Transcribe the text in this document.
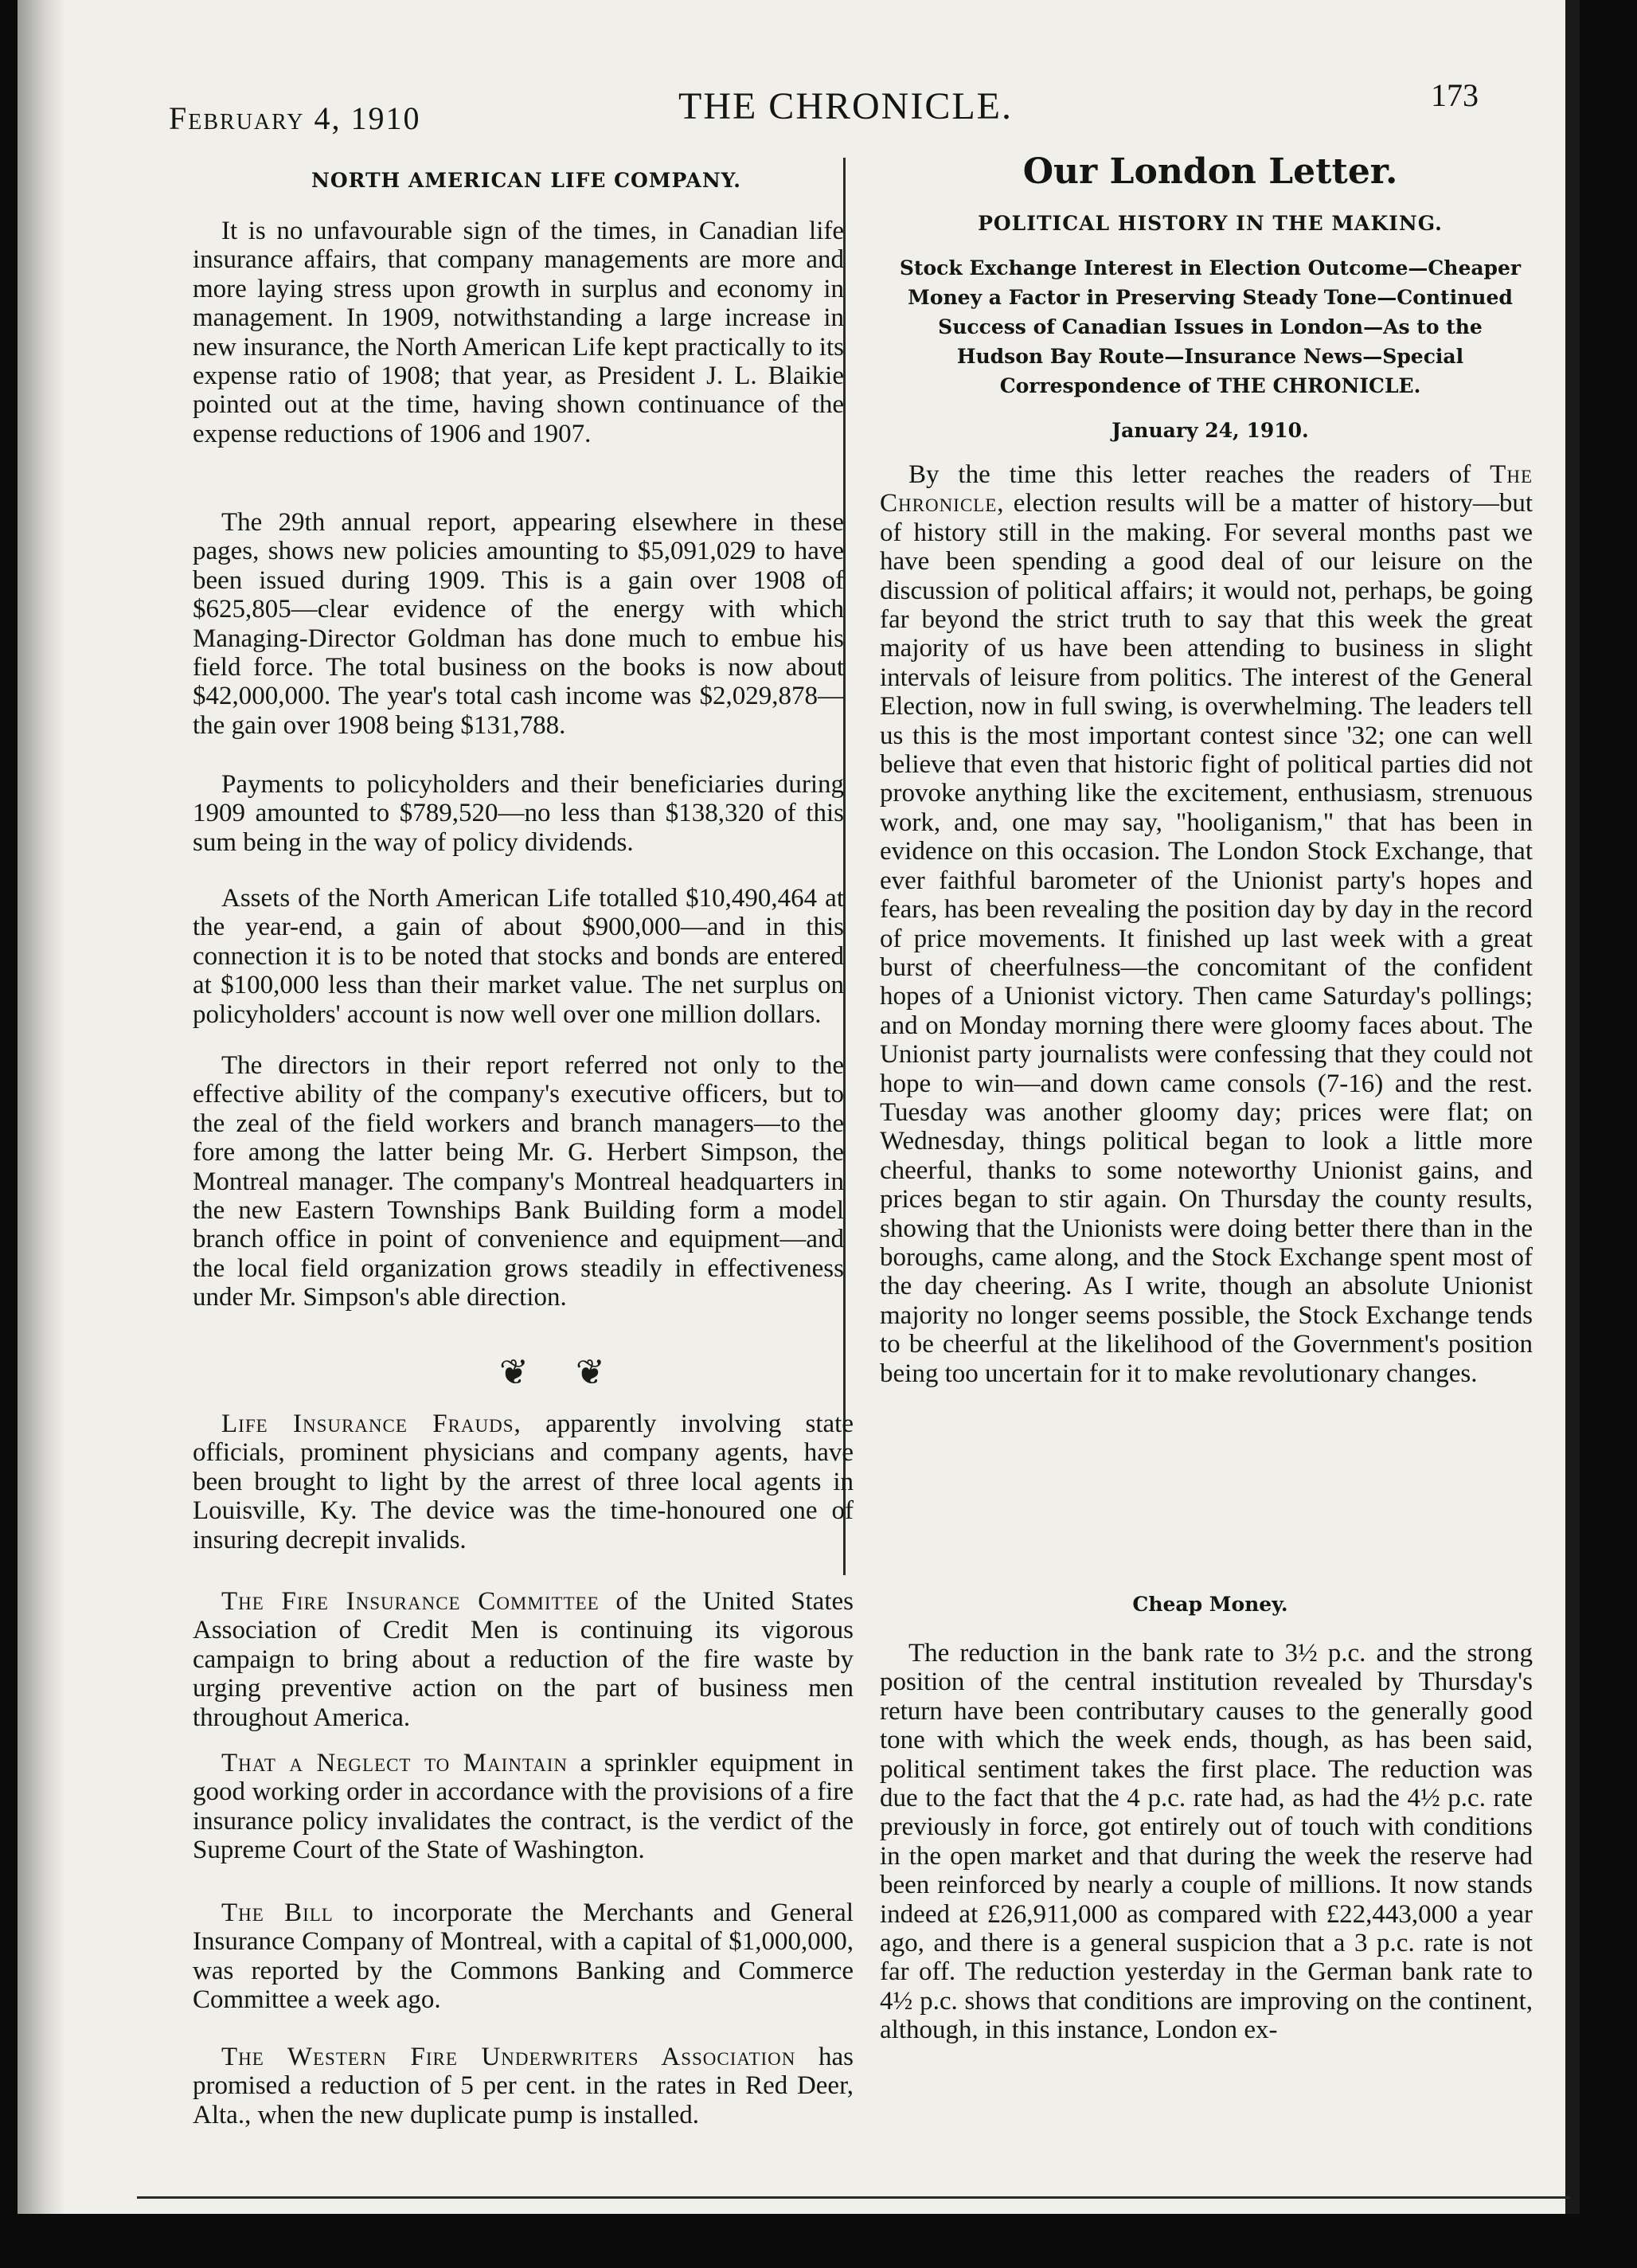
February 4, 1910	THE CHRONICLE.	173
NORTH AMERICAN LIFE COMPANY.

It is no unfavourable sign of the times, in Canadian life insurance affairs, that company managements are more and more laying stress upon growth in surplus and economy in management. In 1909, notwithstanding a large increase in new insurance, the North American Life kept practically to its expense ratio of 1908; that year, as President J. L. Blaikie pointed out at the time, having shown continuance of the expense reductions of 1906 and 1907.

The 29th annual report, appearing elsewhere in these pages, shows new policies amounting to $5,091,029 to have been issued during 1909. This is a gain over 1908 of $625,805—clear evidence of the energy with which Managing-Director Goldman has done much to embue his field force. The total business on the books is now about $42,000,000. The year's total cash income was $2,029,878—the gain over 1908 being $131,788.

Payments to policyholders and their beneficiaries during 1909 amounted to $789,520—no less than $138,320 of this sum being in the way of policy dividends.

Assets of the North American Life totalled $10,490,464 at the year-end, a gain of about $900,000—and in this connection it is to be noted that stocks and bonds are entered at $100,000 less than their market value. The net surplus on policyholders' account is now well over one million dollars.

The directors in their report referred not only to the effective ability of the company's executive officers, but to the zeal of the field workers and branch managers—to the fore among the latter being Mr. G. Herbert Simpson, the Montreal manager. The company's Montreal headquarters in the new Eastern Townships Bank Building form a model branch office in point of convenience and equipment—and the local field organization grows steadily in effectiveness under Mr. Simpson's able direction.

❦ ❦

Life Insurance Frauds, apparently involving state officials, prominent physicians and company agents, have been brought to light by the arrest of three local agents in Louisville, Ky. The device was the time-honoured one of insuring decrepit invalids.

The Fire Insurance Committee of the United States Association of Credit Men is continuing its vigorous campaign to bring about a reduction of the fire waste by urging preventive action on the part of business men throughout America.

That a Neglect to Maintain a sprinkler equipment in good working order in accordance with the provisions of a fire insurance policy invalidates the contract, is the verdict of the Supreme Court of the State of Washington.

The Bill to incorporate the Merchants and General Insurance Company of Montreal, with a capital of $1,000,000, was reported by the Commons Banking and Commerce Committee a week ago.

The Western Fire Underwriters Association has promised a reduction of 5 per cent. in the rates in Red Deer, Alta., when the new duplicate pump is installed.

Our London Letter.
POLITICAL HISTORY IN THE MAKING.

Stock Exchange Interest in Election Outcome—Cheaper Money a Factor in Preserving Steady Tone—Continued Success of Canadian Issues in London—As to the Hudson Bay Route—Insurance News—Special Correspondence of THE CHRONICLE.

January 24, 1910.

By the time this letter reaches the readers of The Chronicle, election results will be a matter of history—but of history still in the making. For several months past we have been spending a good deal of our leisure on the discussion of political affairs; it would not, perhaps, be going far beyond the strict truth to say that this week the great majority of us have been attending to business in slight intervals of leisure from politics. The interest of the General Election, now in full swing, is overwhelming. The leaders tell us this is the most important contest since '32; one can well believe that even that historic fight of political parties did not provoke anything like the excitement, enthusiasm, strenuous work, and, one may say, "hooliganism," that has been in evidence on this occasion. The London Stock Exchange, that ever faithful barometer of the Unionist party's hopes and fears, has been revealing the position day by day in the record of price movements. It finished up last week with a great burst of cheerfulness—the concomitant of the confident hopes of a Unionist victory. Then came Saturday's pollings; and on Monday morning there were gloomy faces about. The Unionist party journalists were confessing that they could not hope to win—and down came consols (7-16) and the rest. Tuesday was another gloomy day; prices were flat; on Wednesday, things political began to look a little more cheerful, thanks to some noteworthy Unionist gains, and prices began to stir again. On Thursday the county results, showing that the Unionists were doing better there than in the boroughs, came along, and the Stock Exchange spent most of the day cheering. As I write, though an absolute Unionist majority no longer seems possible, the Stock Exchange tends to be cheerful at the likelihood of the Government's position being too uncertain for it to make revolutionary changes.

Cheap Money.

The reduction in the bank rate to 3½ p.c. and the strong position of the central institution revealed by Thursday's return have been contributary causes to the generally good tone with which the week ends, though, as has been said, political sentiment takes the first place. The reduction was due to the fact that the 4 p.c. rate had, as had the 4½ p.c. rate previously in force, got entirely out of touch with conditions in the open market and that during the week the reserve had been reinforced by nearly a couple of millions. It now stands indeed at £26,911,000 as compared with £22,443,000 a year ago, and there is a general suspicion that a 3 p.c. rate is not far off. The reduction yesterday in the German bank rate to 4½ p.c. shows that conditions are improving on the continent, although, in this instance, London ex-
